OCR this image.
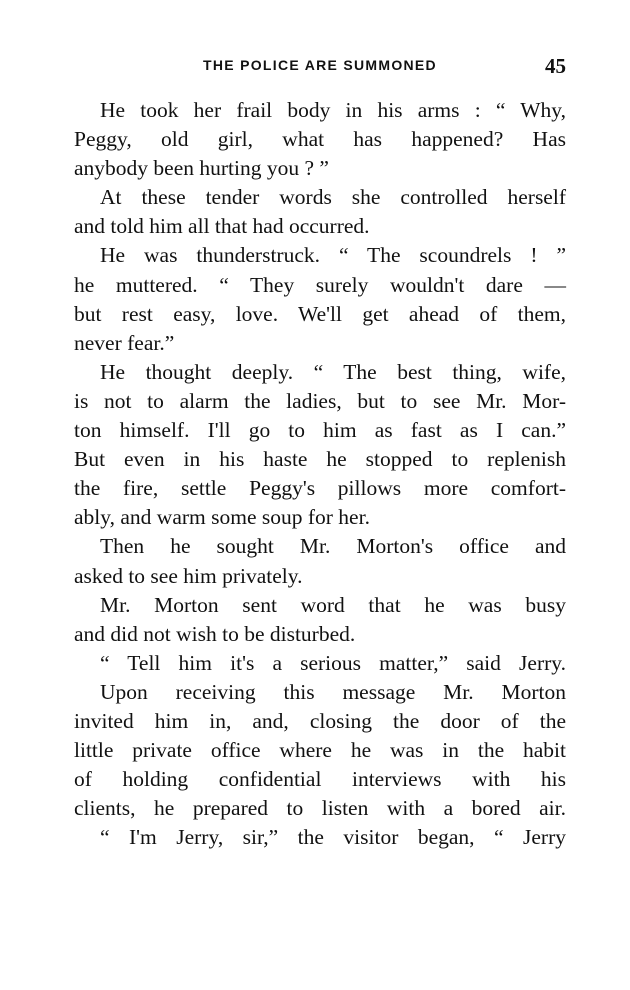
THE POLICE ARE SUMMONED	45
He took her frail body in his arms : “ Why,
Peggy, old girl, what has happened? Has
anybody been hurting you ? ”
At these tender words she controlled herself
and told him all that had occurred.
He was thunderstruck. “ The scoundrels ! ”
he muttered. “ They surely wouldn't dare —
but rest easy, love. We'll get ahead of them,
never fear.”
He thought deeply. “ The best thing, wife,
is not to alarm the ladies, but to see Mr. Mor-
ton himself. I'll go to him as fast as I can.”
But even in his haste he stopped to replenish
the fire, settle Peggy's pillows more comfort-
ably, and warm some soup for her.
Then he sought Mr. Morton's office and
asked to see him privately.
Mr. Morton sent word that he was busy
and did not wish to be disturbed.
“ Tell him it's a serious matter,” said Jerry.
Upon receiving this message Mr. Morton
invited him in, and, closing the door of the
little private office where he was in the habit
of holding confidential interviews with his
clients, he prepared to listen with a bored air.
“ I'm Jerry, sir,” the visitor began, “ Jerry
